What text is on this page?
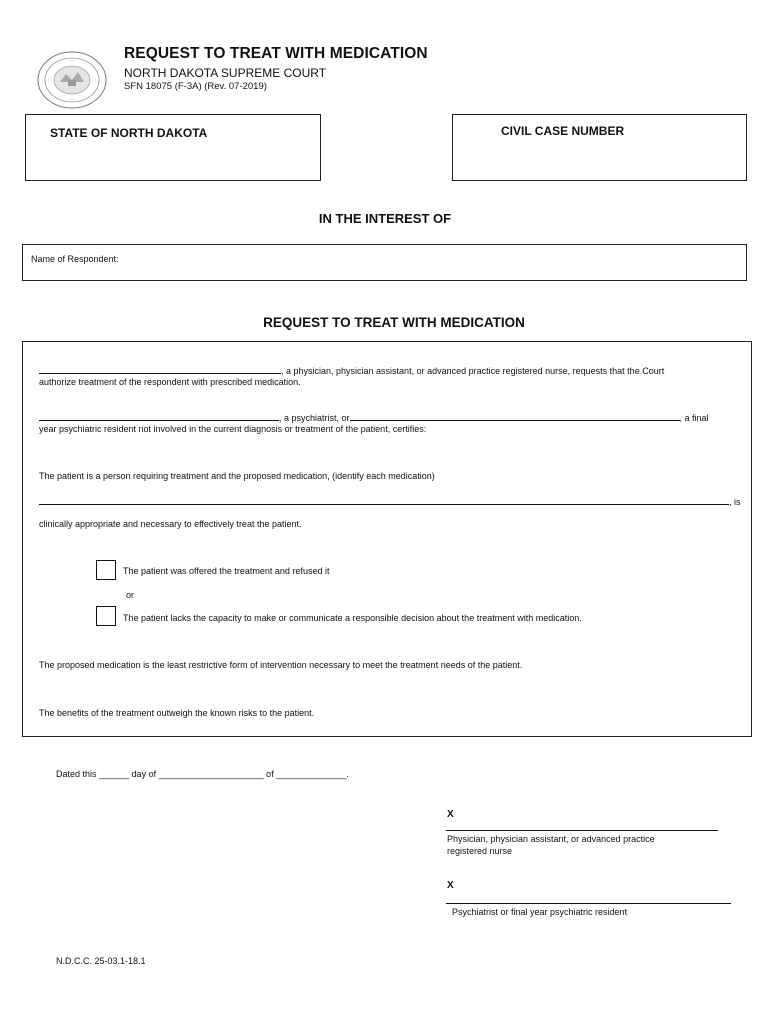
REQUEST TO TREAT WITH MEDICATION
NORTH DAKOTA SUPREME COURT
SFN 18075 (F-3A) (Rev. 07-2019)
STATE OF NORTH DAKOTA	CIVIL CASE NUMBER
IN THE INTEREST OF
Name of Respondent:
REQUEST TO TREAT WITH MEDICATION
, a physician, physician assistant, or advanced practice registered nurse, requests that the Court
authorize treatment of the respondent with prescribed medication.
, a psychiatrist, or	, a final
year psychiatric resident not involved in the current diagnosis or treatment of the patient, certifies:
The patient is a person requiring treatment and the proposed medication, (identify each medication)
, is
clinically appropriate and necessary to effectively treat the patient.
The patient was offered the treatment and refused it
or
The patient lacks the capacity to make or communicate a responsible decision about the treatment with medication.
The proposed medication is the least restrictive form of intervention necessary to meet the treatment needs of the patient.
The benefits of the treatment outweigh the known risks to the patient.
Dated this ______ day of _____________________ of ______________.
X
Physician, physician assistant, or advanced practice
registered nurse
X
Psychiatrist or final year psychiatric resident
N.D.C.C. 25-03.1-18.1
